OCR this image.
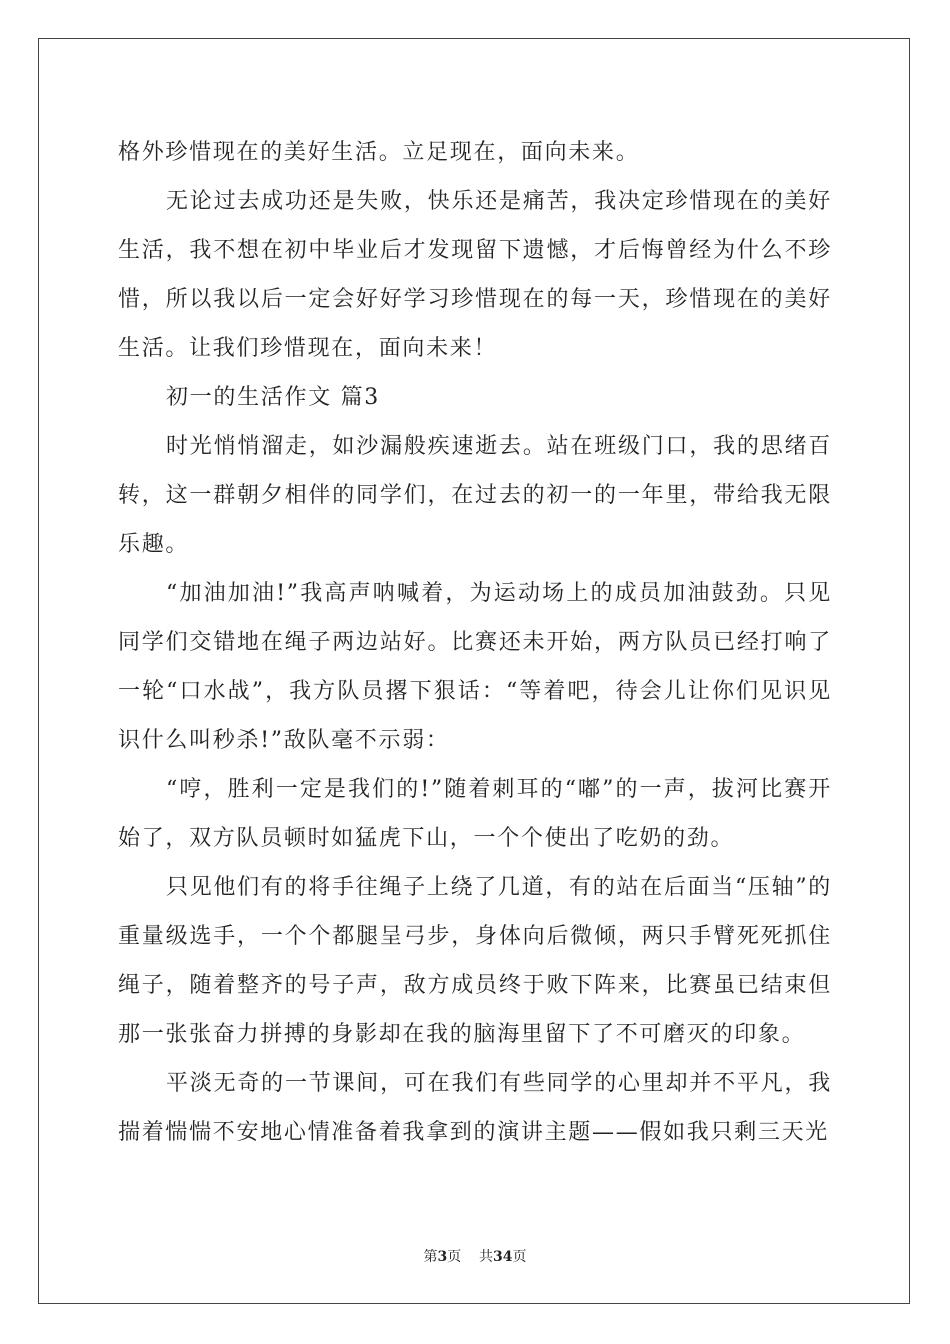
格外珍惜现在的美好生活。立足现在，面向未来。

无论过去成功还是失败，快乐还是痛苦，我决定珍惜现在的美好生活，我不想在初中毕业后才发现留下遗憾，才后悔曾经为什么不珍惜，所以我以后一定会好好学习珍惜现在的每一天，珍惜现在的美好生活。让我们珍惜现在，面向未来！

初一的生活作文 篇3

时光悄悄溜走，如沙漏般疾速逝去。站在班级门口，我的思绪百转，这一群朝夕相伴的同学们，在过去的初一的一年里，带给我无限乐趣。

“加油加油!”我高声呐喊着，为运动场上的成员加油鼓劲。只见同学们交错地在绳子两边站好。比赛还未开始，两方队员已经打响了一轮“口水战”，我方队员撂下狠话：“等着吧，待会儿让你们见识见识什么叫秒杀!”敌队毫不示弱：

“哼，胜利一定是我们的!”随着刺耳的“嘟”的一声，拔河比赛开始了，双方队员顿时如猛虎下山，一个个使出了吃奶的劲。

只见他们有的将手往绳子上绕了几道，有的站在后面当“压轴”的重量级选手，一个个都腿呈弓步，身体向后微倾，两只手臂死死抓住绳子，随着整齐的号子声，敌方成员终于败下阵来，比赛虽已结束但那一张张奋力拼搏的身影却在我的脑海里留下了不可磨灭的印象。

平淡无奇的一节课间，可在我们有些同学的心里却并不平凡，我揣着惴惴不安地心情准备着我拿到的演讲主题——假如我只剩三天光

第3页 共34页
